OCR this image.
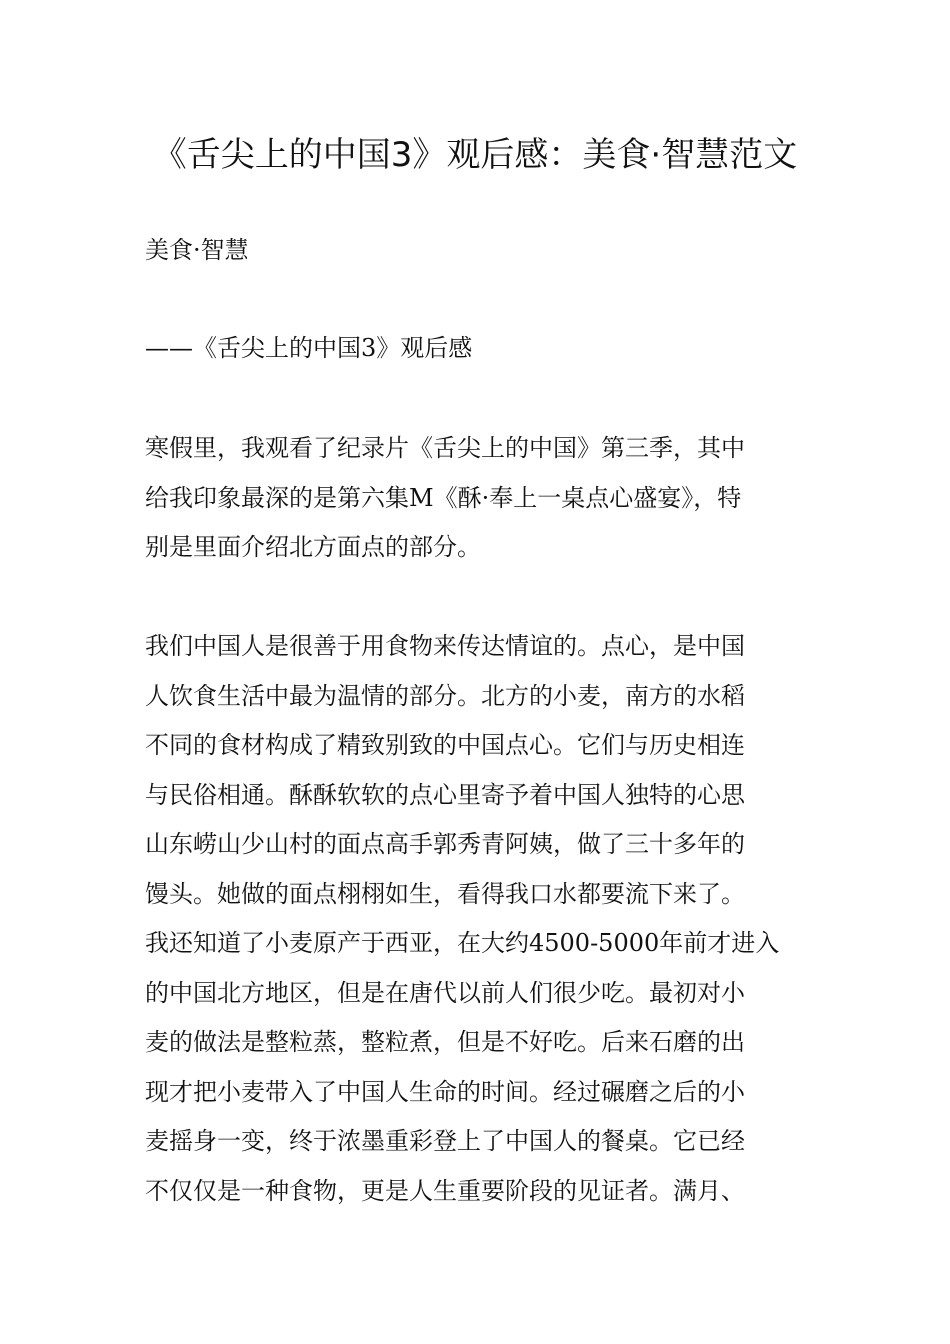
《舌尖上的中国3》观后感：美食·智慧范文

美食·智慧

——《舌尖上的中国3》观后感

寒假里，我观看了纪录片《舌尖上的中国》第三季，其中
给我印象最深的是第六集M《酥·奉上一桌点心盛宴》，特
别是里面介绍北方面点的部分。

我们中国人是很善于用食物来传达情谊的。点心，是中国
人饮食生活中最为温情的部分。北方的小麦，南方的水稻
不同的食材构成了精致别致的中国点心。它们与历史相连
与民俗相通。酥酥软软的点心里寄予着中国人独特的心思
山东崂山少山村的面点高手郭秀青阿姨，做了三十多年的
馒头。她做的面点栩栩如生，看得我口水都要流下来了。
我还知道了小麦原产于西亚，在大约4500-5000年前才进入
的中国北方地区，但是在唐代以前人们很少吃。最初对小
麦的做法是整粒蒸，整粒煮，但是不好吃。后来石磨的出
现才把小麦带入了中国人生命的时间。经过碾磨之后的小
麦摇身一变，终于浓墨重彩登上了中国人的餐桌。它已经
不仅仅是一种食物，更是人生重要阶段的见证者。满月、
